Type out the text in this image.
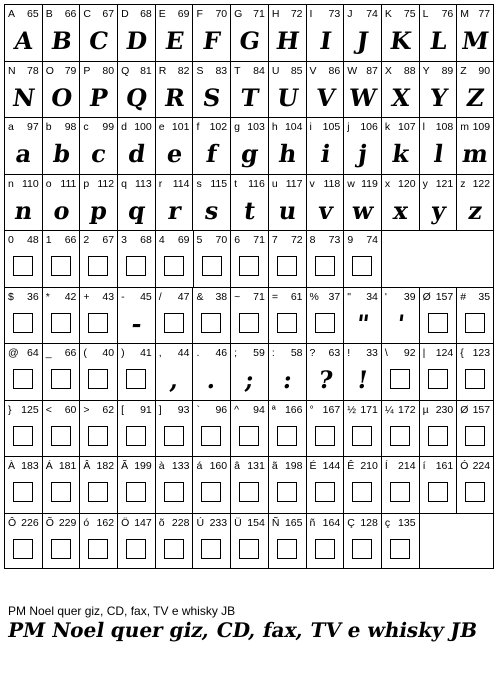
A 65
A
B 66
B
C 67
C
D 68
D
E 69
E
F 70
F
G 71
G
H 72
H
I 73
I
J 74
J
K 75
K
L 76
L
M 77
M
N 78
N
O 79
O
P 80
P
Q 81
Q
R 82
R
S 83
S
T 84
T
U 85
U
V 86
V
W 87
W
X 88
X
Y 89
Y
Z 90
Z
a 97
a
b 98
b
c 99
c
d 100
d
e 101
e
f 102
f
g 103
g
h 104
h
i 105
i
j 106
j
k 107
k
l 108
l
m 109
m
n 110
n
o 111
o
p 112
p
q 113
q
r 114
r
s 115
s
t 116
t
u 117
u
v 118
v
w 119
w
x 120
x
y 121
y
z 122
z
0 48 1 66 2 67 3 68 4 69 5 70 6 71 7 72 8 73 9 74
$ 36 * 42 + 43 - 45
-
/ 47 & 38 ~ 71 = 61 % 37 " 34
"
' 39
'
Ø 157 # 35
@ 64 _ 66 ( 40 ) 41 , 44
,
. 46
.
; 59
;
: 58
:
? 63
?
! 33
!
\ 92 | 124 { 123
} 125 < 60 > 62 [ 91 ] 93 ` 96 ^ 94 ª 166 ° 167 ½ 171 ¼ 172 µ 230 Ø 157
À 183 Á 181 Â 182 Ã 199 à 133 á 160 â 131 ã 198 É 144 Ê 210 Í 214 í 161 Ó 224
Ô 226 Õ 229 ó 162 Ö 147 õ 228 Ú 233 Ü 154 Ñ 165 ñ 164 Ç 128 ç 135
PM Noel quer giz, CD, fax, TV e whisky JB
PM Noel quer giz, CD, fax, TV e whisky JB
